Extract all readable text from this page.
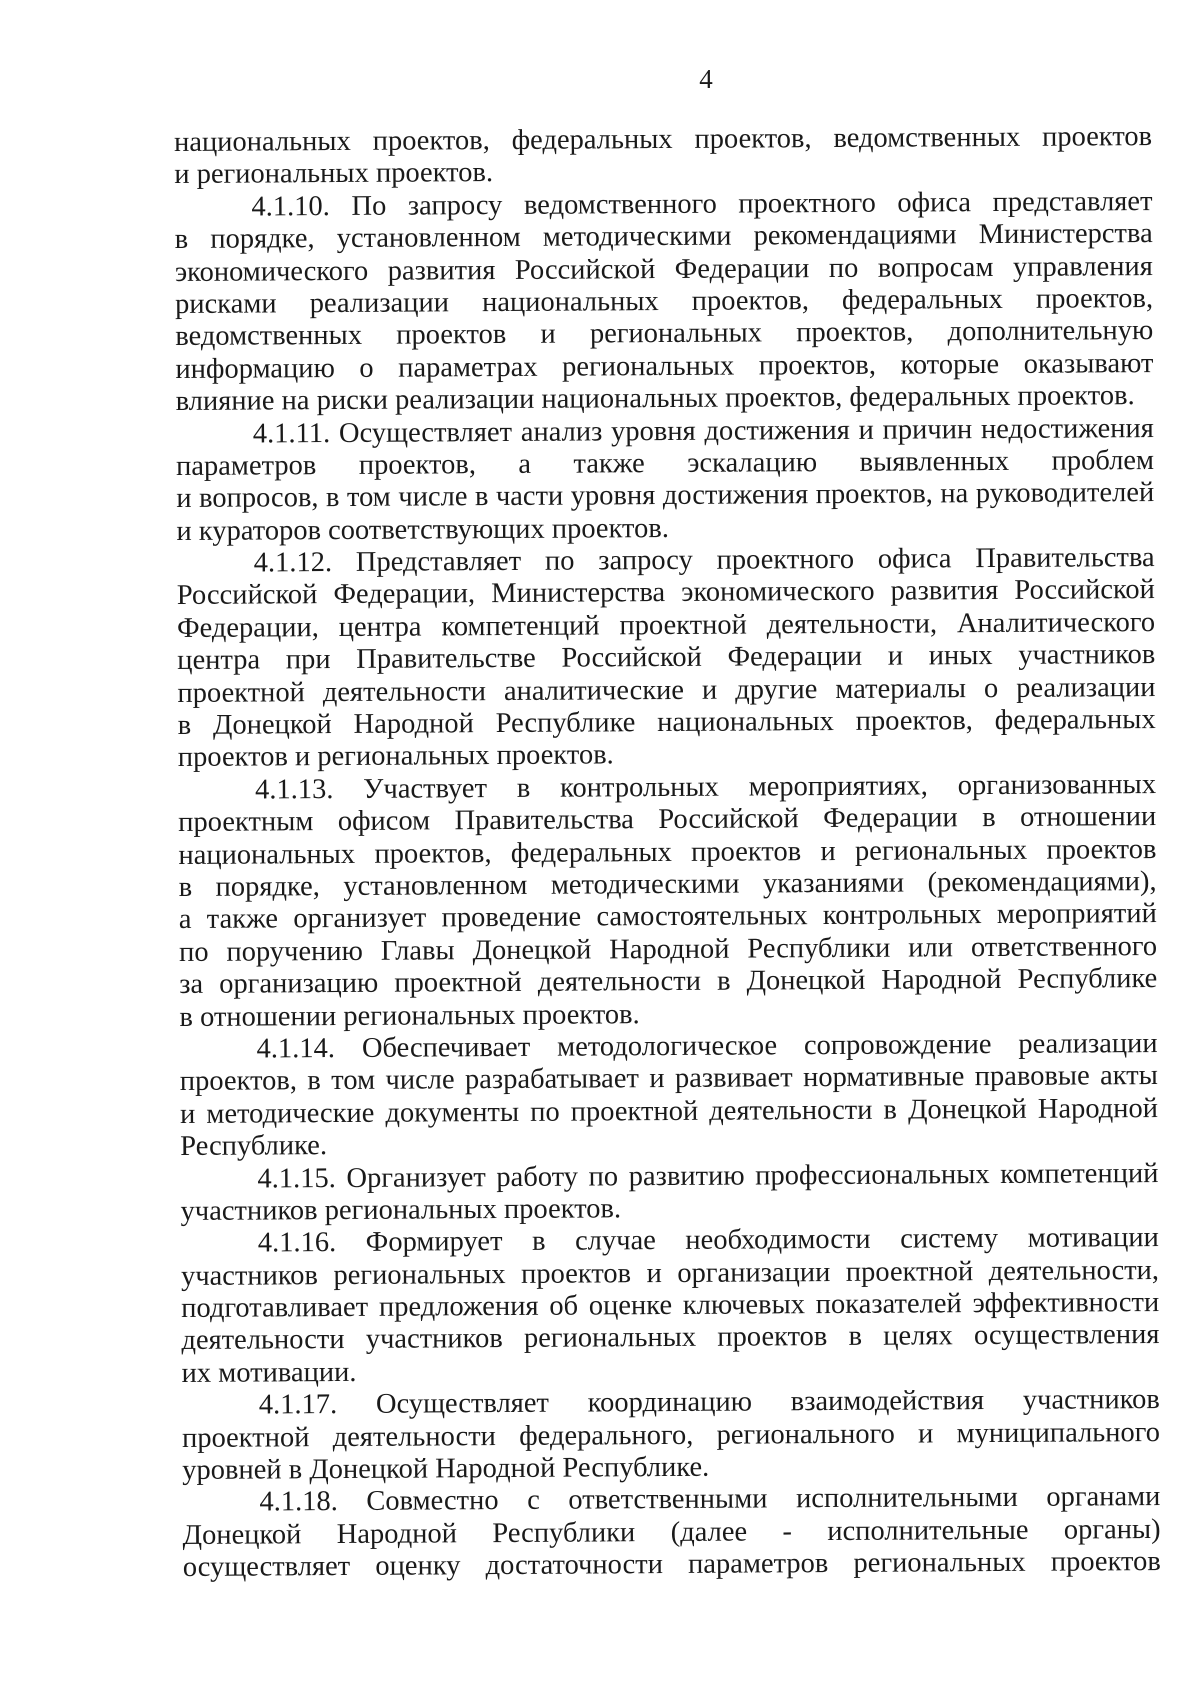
4
национальных проектов, федеральных проектов, ведомственных проектов
и региональных проектов.
4.1.10. По запросу ведомственного проектного офиса представляет
в порядке, установленном методическими рекомендациями Министерства
экономического развития Российской Федерации по вопросам управления
рисками реализации национальных проектов, федеральных проектов,
ведомственных проектов и региональных проектов, дополнительную
информацию о параметрах региональных проектов, которые оказывают
влияние на риски реализации национальных проектов, федеральных проектов.
4.1.11. Осуществляет анализ уровня достижения и причин недостижения
параметров проектов, а также эскалацию выявленных проблем
и вопросов, в том числе в части уровня достижения проектов, на руководителей
и кураторов соответствующих проектов.
4.1.12. Представляет по запросу проектного офиса Правительства
Российской Федерации, Министерства экономического развития Российской
Федерации, центра компетенций проектной деятельности, Аналитического
центра при Правительстве Российской Федерации и иных участников
проектной деятельности аналитические и другие материалы о реализации
в Донецкой Народной Республике национальных проектов, федеральных
проектов и региональных проектов.
4.1.13. Участвует в контрольных мероприятиях, организованных
проектным офисом Правительства Российской Федерации в отношении
национальных проектов, федеральных проектов и региональных проектов
в порядке, установленном методическими указаниями (рекомендациями),
а также организует проведение самостоятельных контрольных мероприятий
по поручению Главы Донецкой Народной Республики или ответственного
за организацию проектной деятельности в Донецкой Народной Республике
в отношении региональных проектов.
4.1.14. Обеспечивает методологическое сопровождение реализации
проектов, в том числе разрабатывает и развивает нормативные правовые акты
и методические документы по проектной деятельности в Донецкой Народной
Республике.
4.1.15. Организует работу по развитию профессиональных компетенций
участников региональных проектов.
4.1.16. Формирует в случае необходимости систему мотивации
участников региональных проектов и организации проектной деятельности,
подготавливает предложения об оценке ключевых показателей эффективности
деятельности участников региональных проектов в целях осуществления
их мотивации.
4.1.17. Осуществляет координацию взаимодействия участников
проектной деятельности федерального, регионального и муниципального
уровней в Донецкой Народной Республике.
4.1.18. Совместно с ответственными исполнительными органами
Донецкой Народной Республики (далее - исполнительные органы)
осуществляет оценку достаточности параметров региональных проектов
